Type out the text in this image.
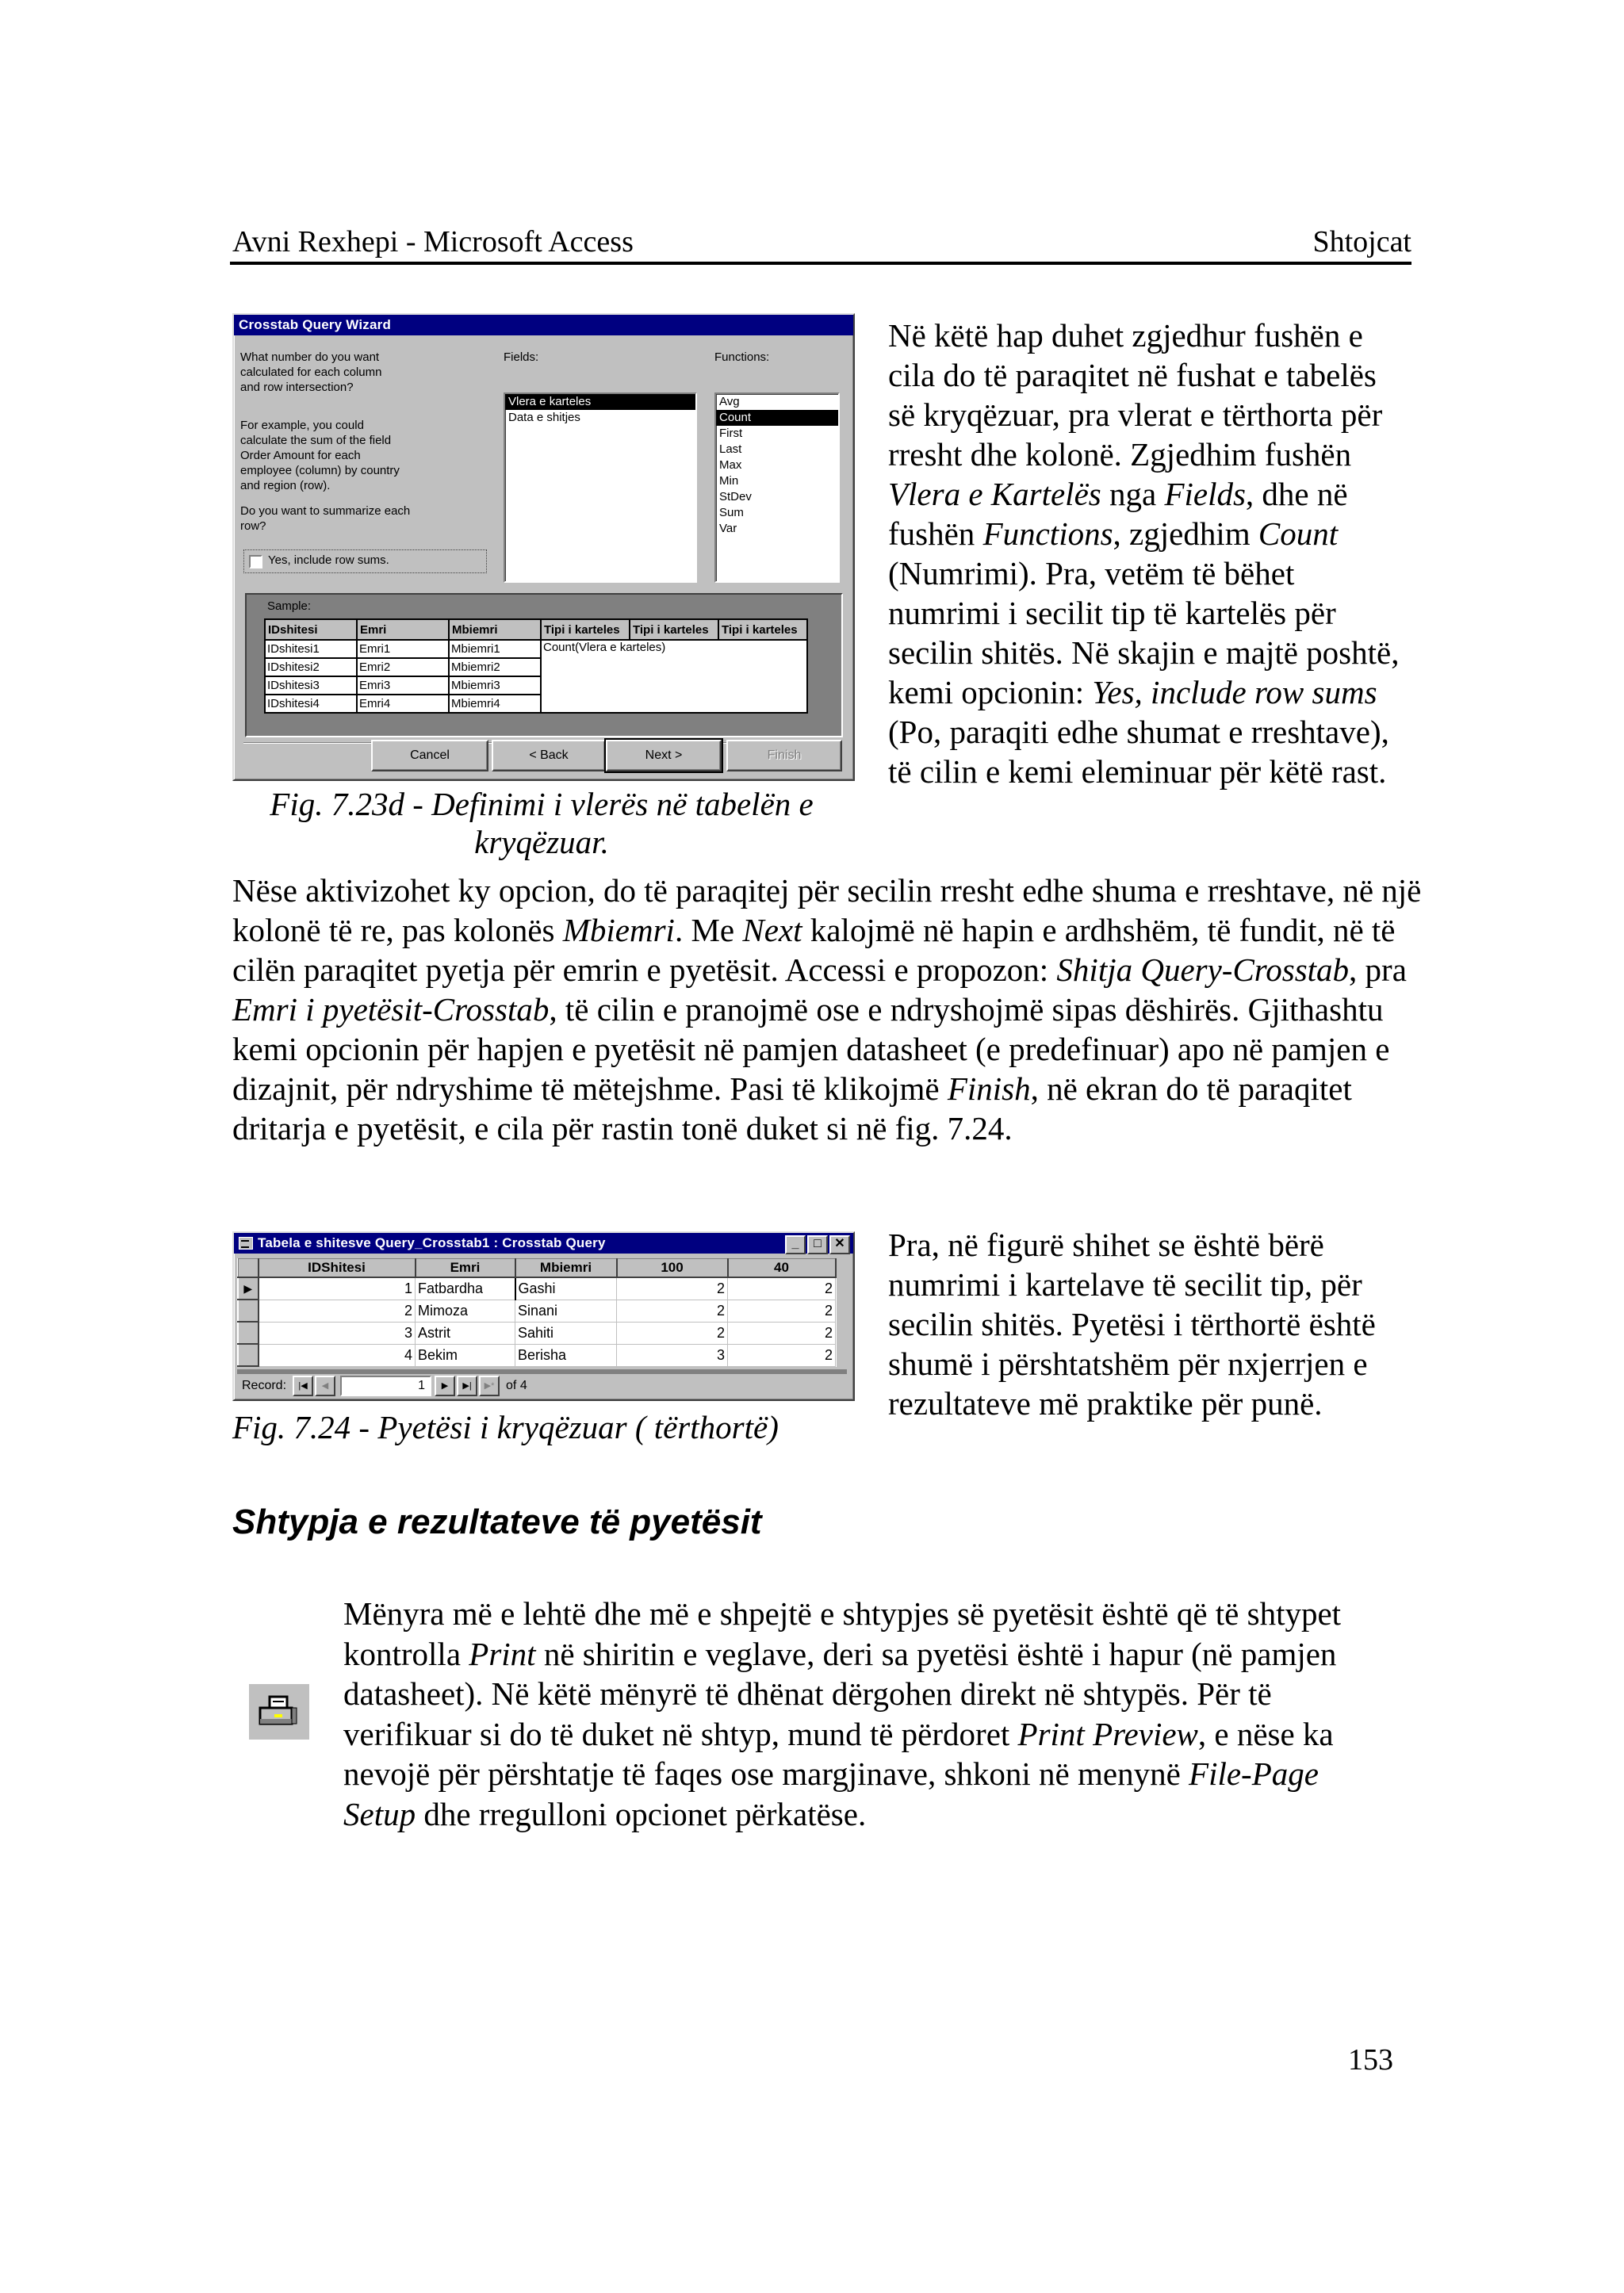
Avni Rexhepi - Microsoft Access	Shtojcat
Crosstab Query Wizard
What number do you want calculated for each column and row intersection?
For example, you could calculate the sum of the field Order Amount for each employee (column) by country and region (row).
Do you want to summarize each row?
Yes, include row sums.
Fields:
Vlera e karteles
Data e shitjes
Functions:
Avg
Count
First
Last
Max
Min
StDev
Sum
Var
Sample:
IDshitesi	Emri	Mbiemri	Tipi i karteles	Tipi i karteles	Tipi i karteles
IDshitesi1	Emri1	Mbiemri1	Count(Vlera e karteles)		
IDshitesi2	Emri2	Mbiemri2			
IDshitesi3	Emri3	Mbiemri3			
IDshitesi4	Emri4	Mbiemri4			
Cancel	< Back	Next >	Finish
Fig. 7.23d - Definimi i vlerës në tabelën e kryqëzuar.
Në këtë hap duhet zgjedhur fushën e cila do të paraqitet në fushat e tabelës së kryqëzuar, pra vlerat e tërthorta për rresht dhe kolonë. Zgjedhim fushën Vlera e Kartelës nga Fields, dhe në fushën Functions, zgjedhim Count (Numrimi). Pra, vetëm të bëhet numrimi i secilit tip të kartelës për secilin shitës. Në skajin e majtë poshtë, kemi opcionin: Yes, include row sums (Po, paraqiti edhe shumat e rreshtave), të cilin e kemi eleminuar për këtë rast.
Nëse aktivizohet ky opcion, do të paraqitej për secilin rresht edhe shuma e rreshtave, në një kolonë të re, pas kolonës Mbiemri. Me Next kalojmë në hapin e ardhshëm, të fundit, në të cilën paraqitet pyetja për emrin e pyetësit. Accessi e propozon: Shitja Query-Crosstab, pra Emri i pyetësit-Crosstab, të cilin e pranojmë ose e ndryshojmë sipas dëshirës. Gjithashtu kemi opcionin për hapjen e pyetësit në pamjen datasheet (e predefinuar) apo në pamjen e dizajnit, për ndryshime të mëtejshme. Pasi të klikojmë Finish, në ekran do të paraqitet dritarja e pyetësit, e cila për rastin tonë duket si në fig. 7.24.
Tabela e shitesve Query_Crosstab1 : Crosstab Query	_	□	✕
	IDShitesi	Emri	Mbiemri	100	40
▶	1	Fatbardha	Gashi	2	2
	2	Mimoza	Sinani	2	2
	3	Astrit	Sahiti	2	2
	4	Bekim	Berisha	3	2
Record:	|◀	◀	1	▶	▶|	▶* of 4
Pra, në figurë shihet se është bërë numrimi i kartelave të secilit tip, për secilin shitës. Pyetësi i tërthortë është shumë i përshtatshëm për nxjerrjen e rezultateve më praktike për punë.
Fig. 7.24 - Pyetësi i kryqëzuar ( tërthortë)
Shtypja e rezultateve të pyetësit
Mënyra më e lehtë dhe më e shpejtë e shtypjes së pyetësit është që të shtypet kontrolla Print në shiritin e veglave, deri sa pyetësi është i hapur (në pamjen datasheet). Në këtë mënyrë të dhënat dërgohen direkt në shtypës. Për të verifikuar si do të duket në shtyp, mund të përdoret Print Preview, e nëse ka nevojë për përshtatje të faqes ose margjinave, shkoni në menynë File-Page Setup dhe rregulloni opcionet përkatëse.
153
